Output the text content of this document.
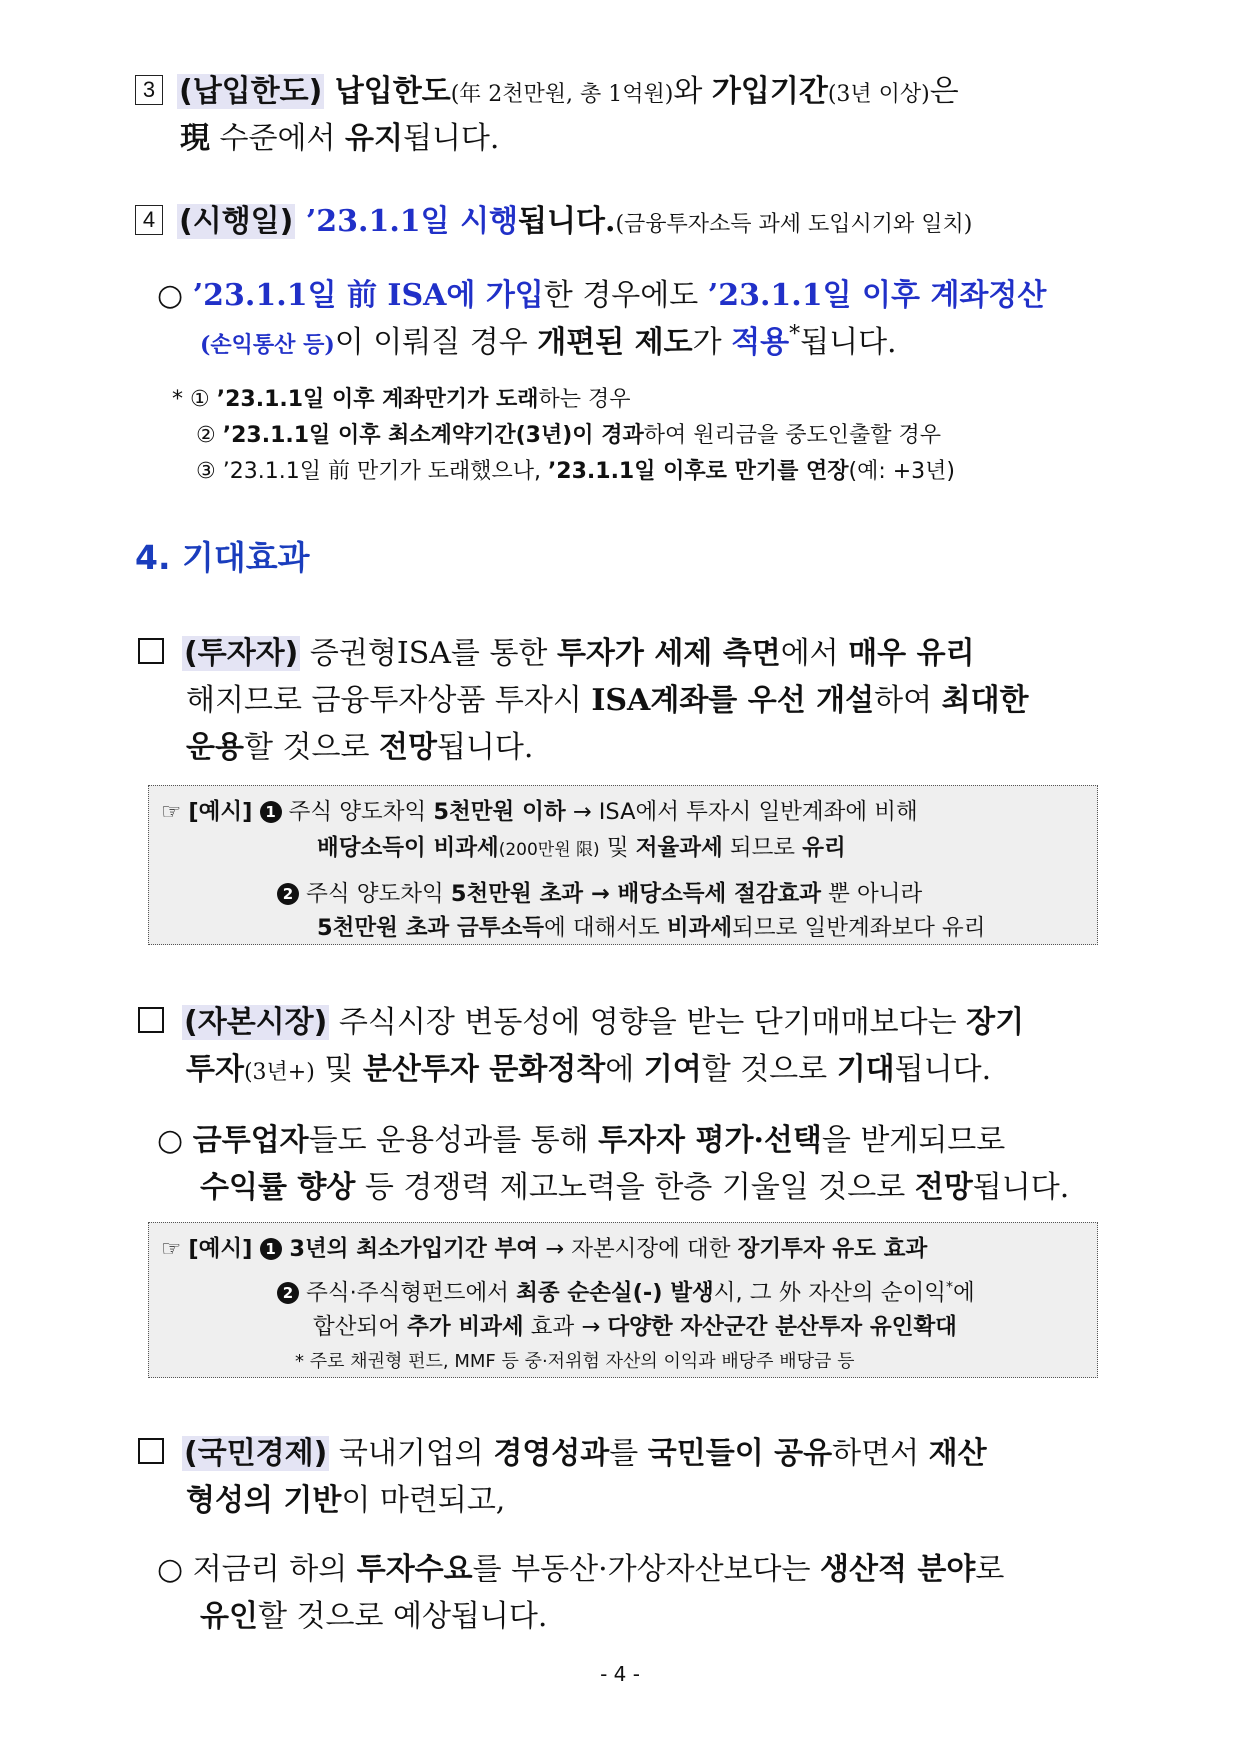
3 (납입한도) 납입한도(年 2천만원, 총 1억원)와 가입기간(3년 이상)은
現 수준에서 유지됩니다.
4 (시행일) ’23.1.1일 시행됩니다.(금융투자소득 과세 도입시기와 일치)
○ ’23.1.1일 前 ISA에 가입한 경우에도 ’23.1.1일 이후 계좌정산
(손익통산 등)이 이뤄질 경우 개편된 제도가 적용*됩니다.
* ① ’23.1.1일 이후 계좌만기가 도래하는 경우
② ’23.1.1일 이후 최소계약기간(3년)이 경과하여 원리금을 중도인출할 경우
③ ’23.1.1일 前 만기가 도래했으나, ’23.1.1일 이후로 만기를 연장(예: +3년)
4. 기대효과
(투자자) 증권형ISA를 통한 투자가 세제 측면에서 매우 유리
해지므로 금융투자상품 투자시 ISA계좌를 우선 개설하여 최대한
운용할 것으로 전망됩니다.
☞ [예시] 1 주식 양도차익 5천만원 이하 → ISA에서 투자시 일반계좌에 비해
배당소득이 비과세(200만원 限) 및 저율과세 되므로 유리
2 주식 양도차익 5천만원 초과 → 배당소득세 절감효과 뿐 아니라
5천만원 초과 금투소득에 대해서도 비과세되므로 일반계좌보다 유리
(자본시장) 주식시장 변동성에 영향을 받는 단기매매보다는 장기
투자(3년+) 및 분산투자 문화정착에 기여할 것으로 기대됩니다.
○ 금투업자들도 운용성과를 통해 투자자 평가·선택을 받게되므로
수익률 향상 등 경쟁력 제고노력을 한층 기울일 것으로 전망됩니다.
☞ [예시] 1 3년의 최소가입기간 부여 → 자본시장에 대한 장기투자 유도 효과
2 주식·주식형펀드에서 최종 순손실(-) 발생시, 그 外 자산의 순이익*에
합산되어 추가 비과세 효과 → 다양한 자산군간 분산투자 유인확대
* 주로 채권형 펀드, MMF 등 중·저위험 자산의 이익과 배당주 배당금 등
(국민경제) 국내기업의 경영성과를 국민들이 공유하면서 재산
형성의 기반이 마련되고,
○ 저금리 하의 투자수요를 부동산·가상자산보다는 생산적 분야로
유인할 것으로 예상됩니다.
- 4 -
